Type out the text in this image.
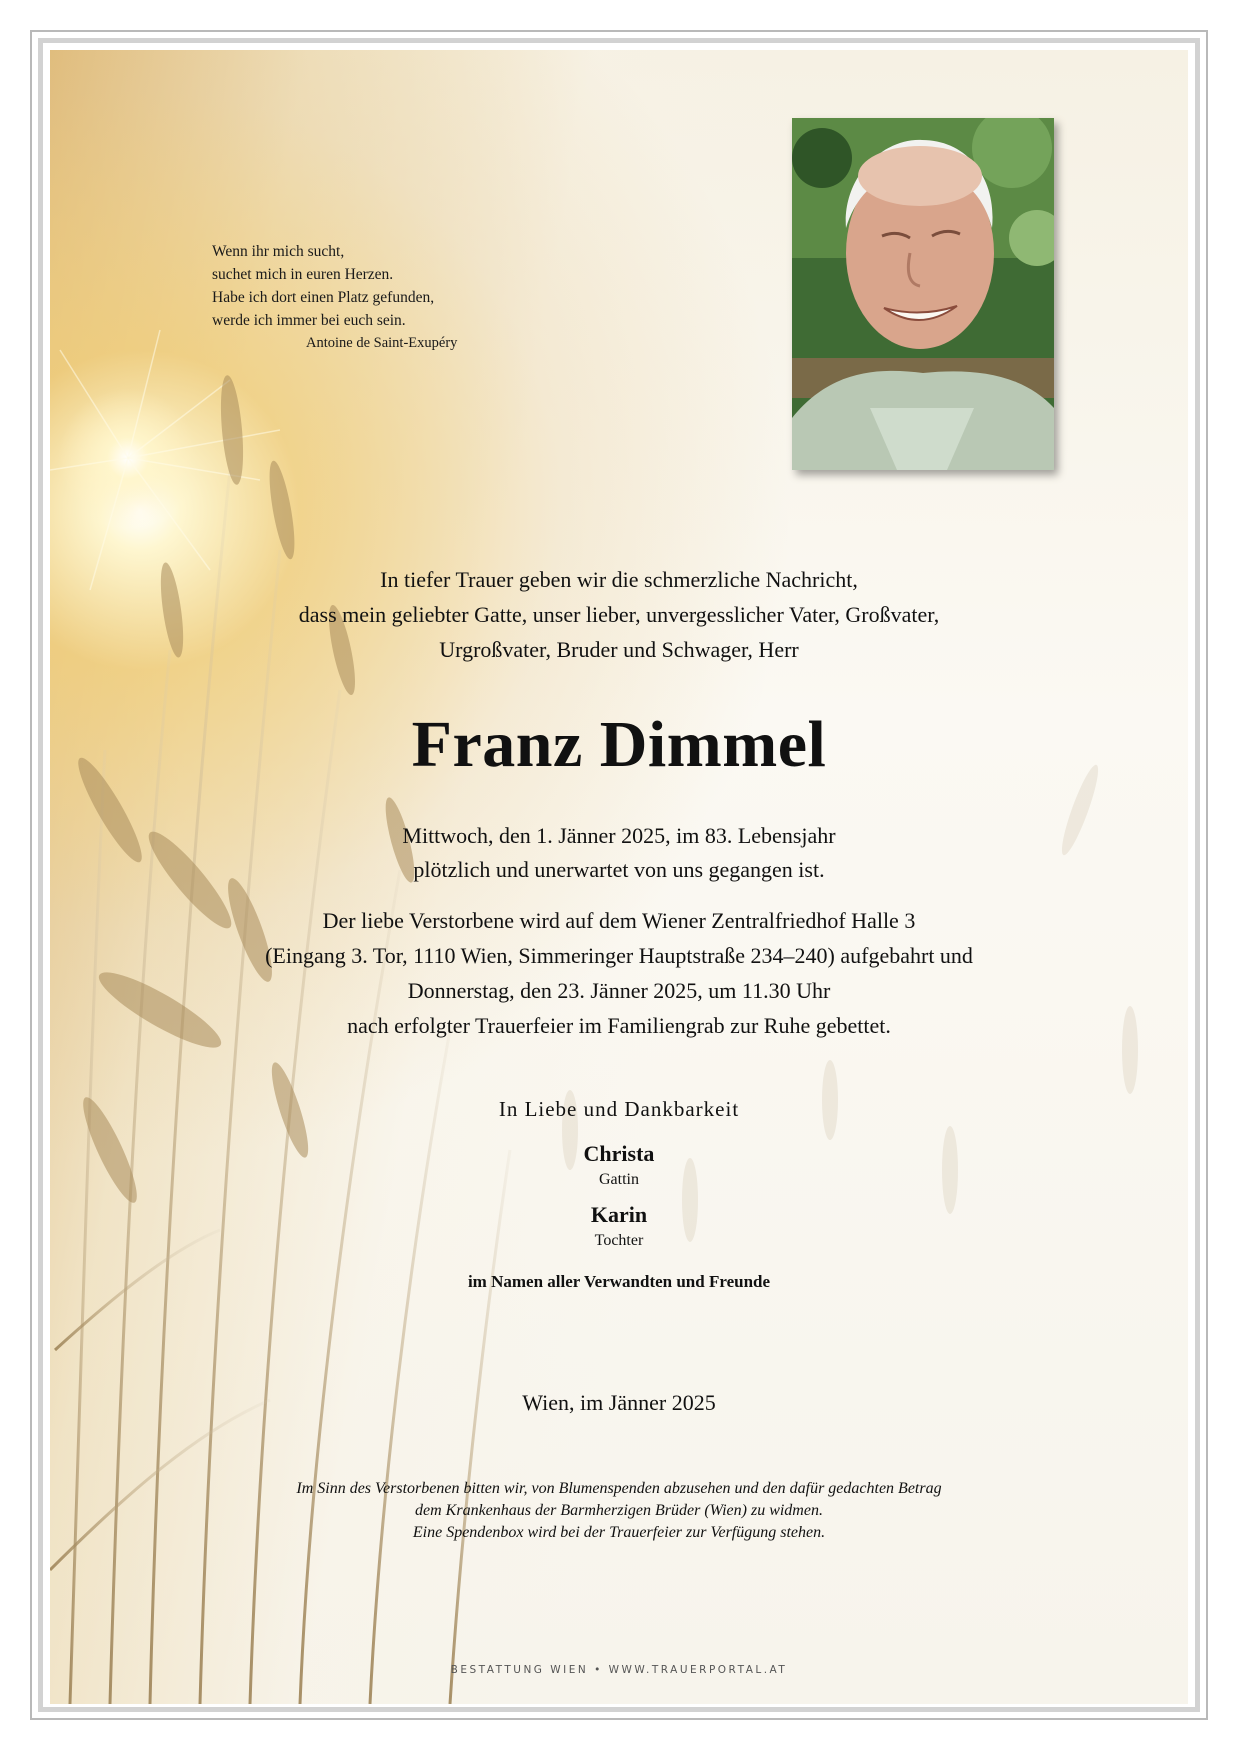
Wenn ihr mich sucht,
suchet mich in euren Herzen.
Habe ich dort einen Platz gefunden,
werde ich immer bei euch sein.
Antoine de Saint-Exupéry
In tiefer Trauer geben wir die schmerzliche Nachricht,
dass mein geliebter Gatte, unser lieber, unvergesslicher Vater, Großvater,
Urgroßvater, Bruder und Schwager, Herr
Franz Dimmel
Mittwoch, den 1. Jänner 2025, im 83. Lebensjahr
plötzlich und unerwartet von uns gegangen ist.
Der liebe Verstorbene wird auf dem Wiener Zentralfriedhof Halle 3
(Eingang 3. Tor, 1110 Wien, Simmeringer Hauptstraße 234–240) aufgebahrt und
Donnerstag, den 23. Jänner 2025, um 11.30 Uhr
nach erfolgter Trauerfeier im Familiengrab zur Ruhe gebettet.
In Liebe und Dankbarkeit
Christa
Gattin
Karin
Tochter
im Namen aller Verwandten und Freunde
Wien, im Jänner 2025
Im Sinn des Verstorbenen bitten wir, von Blumenspenden abzusehen und den dafür gedachten Betrag
dem Krankenhaus der Barmherzigen Brüder (Wien) zu widmen.
Eine Spendenbox wird bei der Trauerfeier zur Verfügung stehen.
BESTATTUNG WIEN • WWW.TRAUERPORTAL.AT
